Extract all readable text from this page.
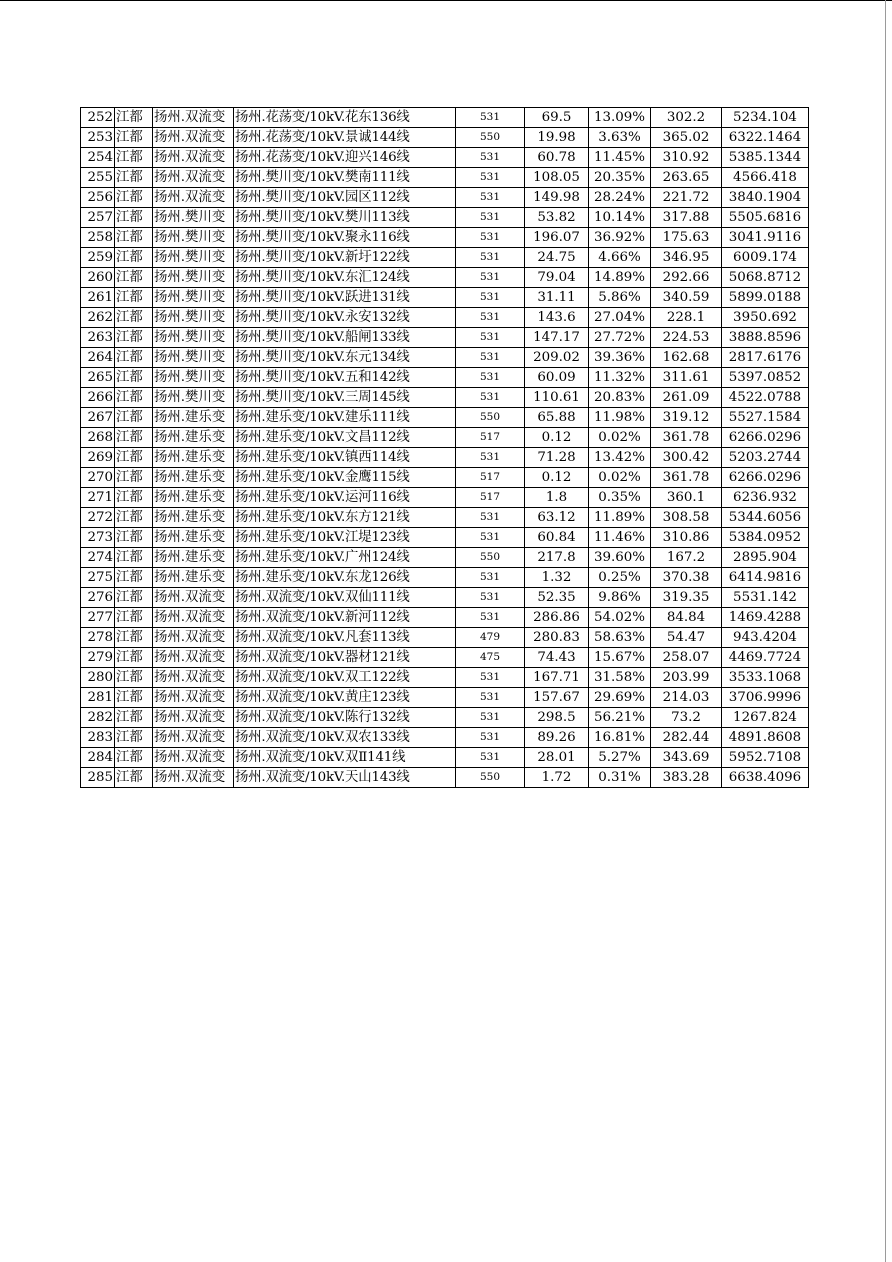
252	江都	扬州.双流变	扬州.花荡变/10kV.花东136线	531	69.5	13.09%	302.2	5234.104
253	江都	扬州.双流变	扬州.花荡变/10kV.景诚144线	550	19.98	3.63%	365.02	6322.1464
254	江都	扬州.双流变	扬州.花荡变/10kV.迎兴146线	531	60.78	11.45%	310.92	5385.1344
255	江都	扬州.双流变	扬州.樊川变/10kV.樊南111线	531	108.05	20.35%	263.65	4566.418
256	江都	扬州.双流变	扬州.樊川变/10kV.园区112线	531	149.98	28.24%	221.72	3840.1904
257	江都	扬州.樊川变	扬州.樊川变/10kV.樊川113线	531	53.82	10.14%	317.88	5505.6816
258	江都	扬州.樊川变	扬州.樊川变/10kV.聚永116线	531	196.07	36.92%	175.63	3041.9116
259	江都	扬州.樊川变	扬州.樊川变/10kV.新圩122线	531	24.75	4.66%	346.95	6009.174
260	江都	扬州.樊川变	扬州.樊川变/10kV.东汇124线	531	79.04	14.89%	292.66	5068.8712
261	江都	扬州.樊川变	扬州.樊川变/10kV.跃进131线	531	31.11	5.86%	340.59	5899.0188
262	江都	扬州.樊川变	扬州.樊川变/10kV.永安132线	531	143.6	27.04%	228.1	3950.692
263	江都	扬州.樊川变	扬州.樊川变/10kV.船闸133线	531	147.17	27.72%	224.53	3888.8596
264	江都	扬州.樊川变	扬州.樊川变/10kV.东元134线	531	209.02	39.36%	162.68	2817.6176
265	江都	扬州.樊川变	扬州.樊川变/10kV.五和142线	531	60.09	11.32%	311.61	5397.0852
266	江都	扬州.樊川变	扬州.樊川变/10kV.三周145线	531	110.61	20.83%	261.09	4522.0788
267	江都	扬州.建乐变	扬州.建乐变/10kV.建乐111线	550	65.88	11.98%	319.12	5527.1584
268	江都	扬州.建乐变	扬州.建乐变/10kV.文昌112线	517	0.12	0.02%	361.78	6266.0296
269	江都	扬州.建乐变	扬州.建乐变/10kV.镇西114线	531	71.28	13.42%	300.42	5203.2744
270	江都	扬州.建乐变	扬州.建乐变/10kV.金鹰115线	517	0.12	0.02%	361.78	6266.0296
271	江都	扬州.建乐变	扬州.建乐变/10kV.运河116线	517	1.8	0.35%	360.1	6236.932
272	江都	扬州.建乐变	扬州.建乐变/10kV.东方121线	531	63.12	11.89%	308.58	5344.6056
273	江都	扬州.建乐变	扬州.建乐变/10kV.江堤123线	531	60.84	11.46%	310.86	5384.0952
274	江都	扬州.建乐变	扬州.建乐变/10kV.广州124线	550	217.8	39.60%	167.2	2895.904
275	江都	扬州.建乐变	扬州.建乐变/10kV.东龙126线	531	1.32	0.25%	370.38	6414.9816
276	江都	扬州.双流变	扬州.双流变/10kV.双仙111线	531	52.35	9.86%	319.35	5531.142
277	江都	扬州.双流变	扬州.双流变/10kV.新河112线	531	286.86	54.02%	84.84	1469.4288
278	江都	扬州.双流变	扬州.双流变/10kV.凡套113线	479	280.83	58.63%	54.47	943.4204
279	江都	扬州.双流变	扬州.双流变/10kV.器材121线	475	74.43	15.67%	258.07	4469.7724
280	江都	扬州.双流变	扬州.双流变/10kV.双工122线	531	167.71	31.58%	203.99	3533.1068
281	江都	扬州.双流变	扬州.双流变/10kV.黄庄123线	531	157.67	29.69%	214.03	3706.9996
282	江都	扬州.双流变	扬州.双流变/10kV.陈行132线	531	298.5	56.21%	73.2	1267.824
283	江都	扬州.双流变	扬州.双流变/10kV.双农133线	531	89.26	16.81%	282.44	4891.8608
284	江都	扬州.双流变	扬州.双流变/10kV.双Ⅱ141线	531	28.01	5.27%	343.69	5952.7108
285	江都	扬州.双流变	扬州.双流变/10kV.天山143线	550	1.72	0.31%	383.28	6638.4096
